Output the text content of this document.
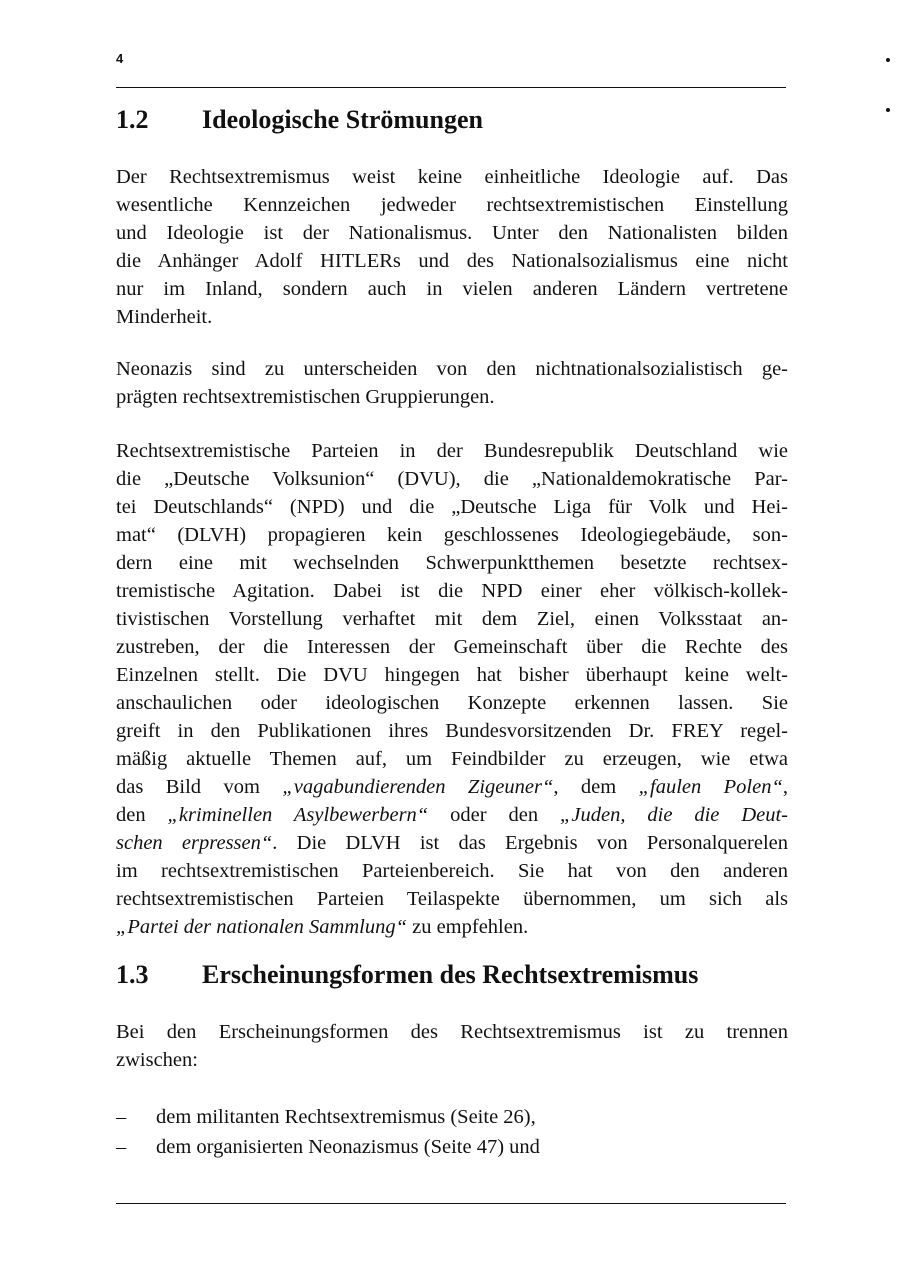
4
1.2 Ideologische Strömungen
Der Rechtsextremismus weist keine einheitliche Ideologie auf. Das
wesentliche Kennzeichen jedweder rechtsextremistischen Einstellung
und Ideologie ist der Nationalismus. Unter den Nationalisten bilden
die Anhänger Adolf HITLERs und des Nationalsozialismus eine nicht
nur im Inland, sondern auch in vielen anderen Ländern vertretene
Minderheit.
Neonazis sind zu unterscheiden von den nichtnationalsozialistisch ge-
prägten rechtsextremistischen Gruppierungen.
Rechtsextremistische Parteien in der Bundesrepublik Deutschland wie
die „Deutsche Volksunion“ (DVU), die „Nationaldemokratische Par-
tei Deutschlands“ (NPD) und die „Deutsche Liga für Volk und Hei-
mat“ (DLVH) propagieren kein geschlossenes Ideologiegebäude, son-
dern eine mit wechselnden Schwerpunktthemen besetzte rechtsex-
tremistische Agitation. Dabei ist die NPD einer eher völkisch-kollek-
tivistischen Vorstellung verhaftet mit dem Ziel, einen Volksstaat an-
zustreben, der die Interessen der Gemeinschaft über die Rechte des
Einzelnen stellt. Die DVU hingegen hat bisher überhaupt keine welt-
anschaulichen oder ideologischen Konzepte erkennen lassen. Sie
greift in den Publikationen ihres Bundesvorsitzenden Dr. FREY regel-
mäßig aktuelle Themen auf, um Feindbilder zu erzeugen, wie etwa
das Bild vom „vagabundierenden Zigeuner“, dem „faulen Polen“,
den „kriminellen Asylbewerbern“ oder den „Juden, die die Deut-
schen erpressen“. Die DLVH ist das Ergebnis von Personalquerelen
im rechtsextremistischen Parteienbereich. Sie hat von den anderen
rechtsextremistischen Parteien Teilaspekte übernommen, um sich als
„Partei der nationalen Sammlung“ zu empfehlen.
1.3 Erscheinungsformen des Rechtsextremismus
Bei den Erscheinungsformen des Rechtsextremismus ist zu trennen
zwischen:
– dem militanten Rechtsextremismus (Seite 26),
– dem organisierten Neonazismus (Seite 47) und
